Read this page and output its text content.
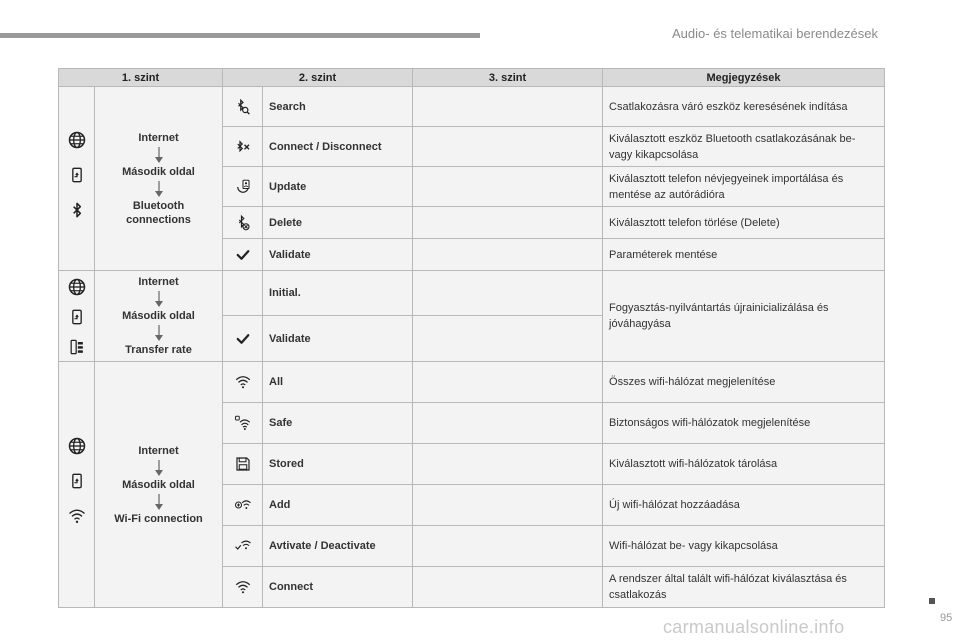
Audio- és telematikai berendezések
1. szint		2. szint		3. szint	Megjegyzések

Internet
Második oldal
Bluetooth connections		Search		Csatlakozásra váró eszköz keresésének indítása
	Connect / Disconnect		Kiválasztott eszköz Bluetooth csatlakozásának be- vagy kikapcsolása
	Update		Kiválasztott telefon névjegyeinek importálása és mentése az autórádióra
	Delete		Kiválasztott telefon törlése (Delete)
	Validate		Paraméterek mentése

Internet
Második oldal
Transfer rate		Initial.		Fogyasztás-nyilvántartás újrainicializálása és jóváhagyása
	Validate		

Internet
Második oldal
Wi-Fi connection		All		Összes wifi-hálózat megjelenítése
	Safe		Biztonságos wifi-hálózatok megjelenítése
	Stored		Kiválasztott wifi-hálózatok tárolása
	Add		Új wifi-hálózat hozzáadása
	Avtivate / Deactivate		Wifi-hálózat be- vagy kikapcsolása
	Connect		A rendszer által talált wifi-hálózat kiválasztása és csatlakozás
95
carmanualsonline.info
